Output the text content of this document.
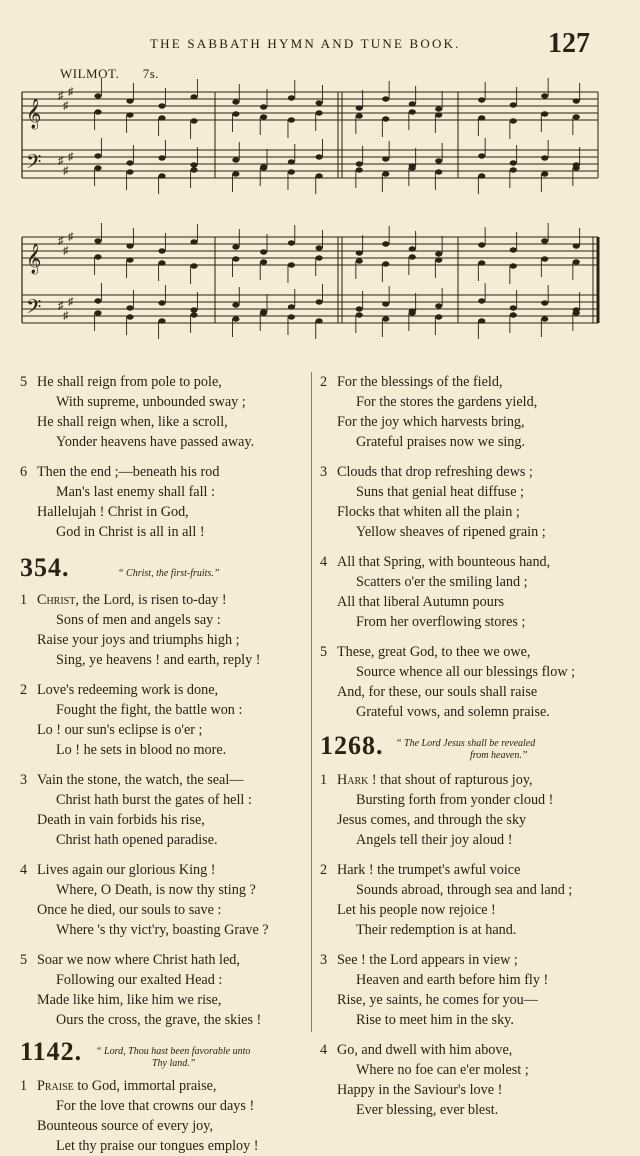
THE SABBATH HYMN AND TUNE BOOK.	127
WILMOT. 7s.
𝄞
𝄢
♯
♯
♯
♯
♯
♯
𝄞
𝄢
♯
♯
♯
♯
♯
♯
5 He shall reign from pole to pole,
With supreme, unbounded sway ;
He shall reign when, like a scroll,
Yonder heavens have passed away.
6 Then the end ;—beneath his rod
Man's last enemy shall fall :
Hallelujah ! Christ in God,
God in Christ is all in all !
354.	“ Christ, the first-fruits.”
1 Christ, the Lord, is risen to-day !
Sons of men and angels say :
Raise your joys and triumphs high ;
Sing, ye heavens ! and earth, reply !
2 Love's redeeming work is done,
Fought the fight, the battle won :
Lo ! our sun's eclipse is o'er ;
Lo ! he sets in blood no more.
3 Vain the stone, the watch, the seal—
Christ hath burst the gates of hell :
Death in vain forbids his rise,
Christ hath opened paradise.
4 Lives again our glorious King !
Where, O Death, is now thy sting ?
Once he died, our souls to save :
Where 's thy vict'ry, boasting Grave ?
5 Soar we now where Christ hath led,
Following our exalted Head :
Made like him, like him we rise,
Ours the cross, the grave, the skies !
1142. “ Lord, Thou hast been favorable unto
Thy land.”
1 Praise to God, immortal praise,
For the love that crowns our days !
Bounteous source of every joy,
Let thy praise our tongues employ !
2 For the blessings of the field,
For the stores the gardens yield,
For the joy which harvests bring,
Grateful praises now we sing.
3 Clouds that drop refreshing dews ;
Suns that genial heat diffuse ;
Flocks that whiten all the plain ;
Yellow sheaves of ripened grain ;
4 All that Spring, with bounteous hand,
Scatters o'er the smiling land ;
All that liberal Autumn pours
From her overflowing stores ;
5 These, great God, to thee we owe,
Source whence all our blessings flow ;
And, for these, our souls shall raise
Grateful vows, and solemn praise.
1268. “ The Lord Jesus shall be revealed
from heaven.”
1 Hark ! that shout of rapturous joy,
Bursting forth from yonder cloud !
Jesus comes, and through the sky
Angels tell their joy aloud !
2 Hark ! the trumpet's awful voice
Sounds abroad, through sea and land ;
Let his people now rejoice !
Their redemption is at hand.
3 See ! the Lord appears in view ;
Heaven and earth before him fly !
Rise, ye saints, he comes for you—
Rise to meet him in the sky.
4 Go, and dwell with him above,
Where no foe can e'er molest ;
Happy in the Saviour's love !
Ever blessing, ever blest.
